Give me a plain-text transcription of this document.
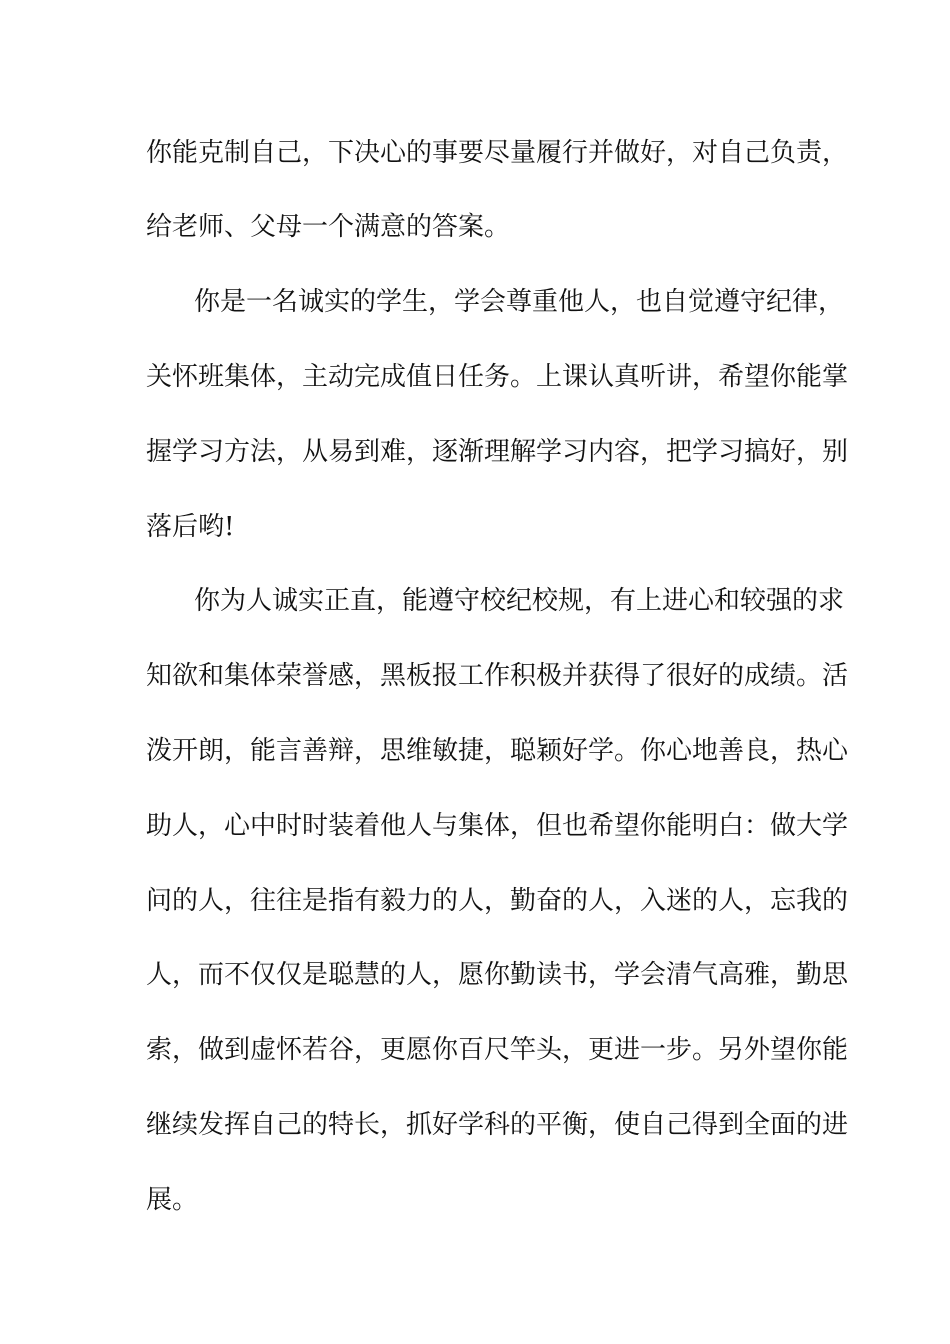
你能克制自己，下决心的事要尽量履行并做好，对自己负责，
给老师、父母一个满意的答案。
你是一名诚实的学生，学会尊重他人，也自觉遵守纪律，
关怀班集体，主动完成值日任务。上课认真听讲，希望你能掌
握学习方法，从易到难，逐渐理解学习内容，把学习搞好，别
落后哟!
你为人诚实正直，能遵守校纪校规，有上进心和较强的求
知欲和集体荣誉感，黑板报工作积极并获得了很好的成绩。活
泼开朗，能言善辩，思维敏捷，聪颖好学。你心地善良，热心
助人，心中时时装着他人与集体，但也希望你能明白：做大学
问的人，往往是指有毅力的人，勤奋的人，入迷的人，忘我的
人，而不仅仅是聪慧的人，愿你勤读书，学会清气高雅，勤思
索，做到虚怀若谷，更愿你百尺竿头，更进一步。另外望你能
继续发挥自己的特长，抓好学科的平衡，使自己得到全面的进
展。
